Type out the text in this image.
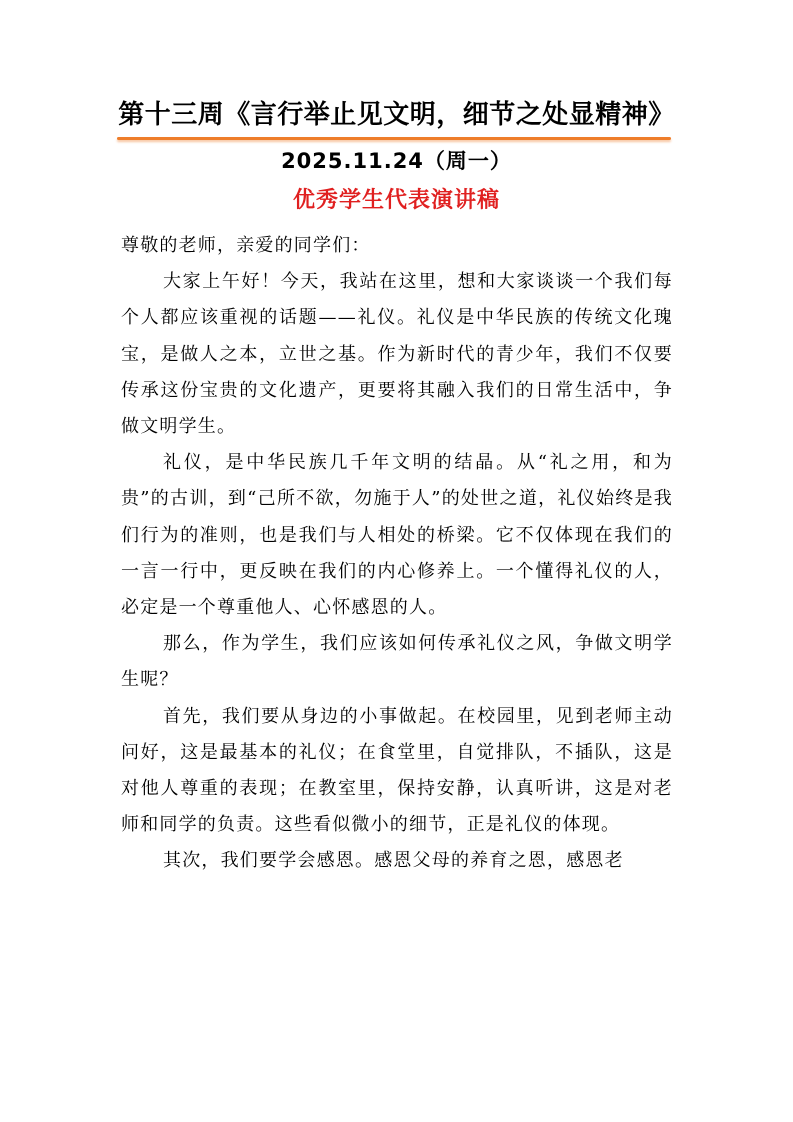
第十三周《言行举止见文明，细节之处显精神》
2025.11.24（周一）
优秀学生代表演讲稿

尊敬的老师，亲爱的同学们：

大家上午好！今天，我站在这里，想和大家谈谈一个我们每个人都应该重视的话题——礼仪。礼仪是中华民族的传统文化瑰宝，是做人之本，立世之基。作为新时代的青少年，我们不仅要传承这份宝贵的文化遗产，更要将其融入我们的日常生活中，争做文明学生。

礼仪，是中华民族几千年文明的结晶。从“礼之用，和为贵”的古训，到“己所不欲，勿施于人”的处世之道，礼仪始终是我们行为的准则，也是我们与人相处的桥梁。它不仅体现在我们的一言一行中，更反映在我们的内心修养上。一个懂得礼仪的人，必定是一个尊重他人、心怀感恩的人。

那么，作为学生，我们应该如何传承礼仪之风，争做文明学生呢？

首先，我们要从身边的小事做起。在校园里，见到老师主动问好，这是最基本的礼仪；在食堂里，自觉排队，不插队，这是对他人尊重的表现；在教室里，保持安静，认真听讲，这是对老师和同学的负责。这些看似微小的细节，正是礼仪的体现。

其次，我们要学会感恩。感恩父母的养育之恩，感恩老
